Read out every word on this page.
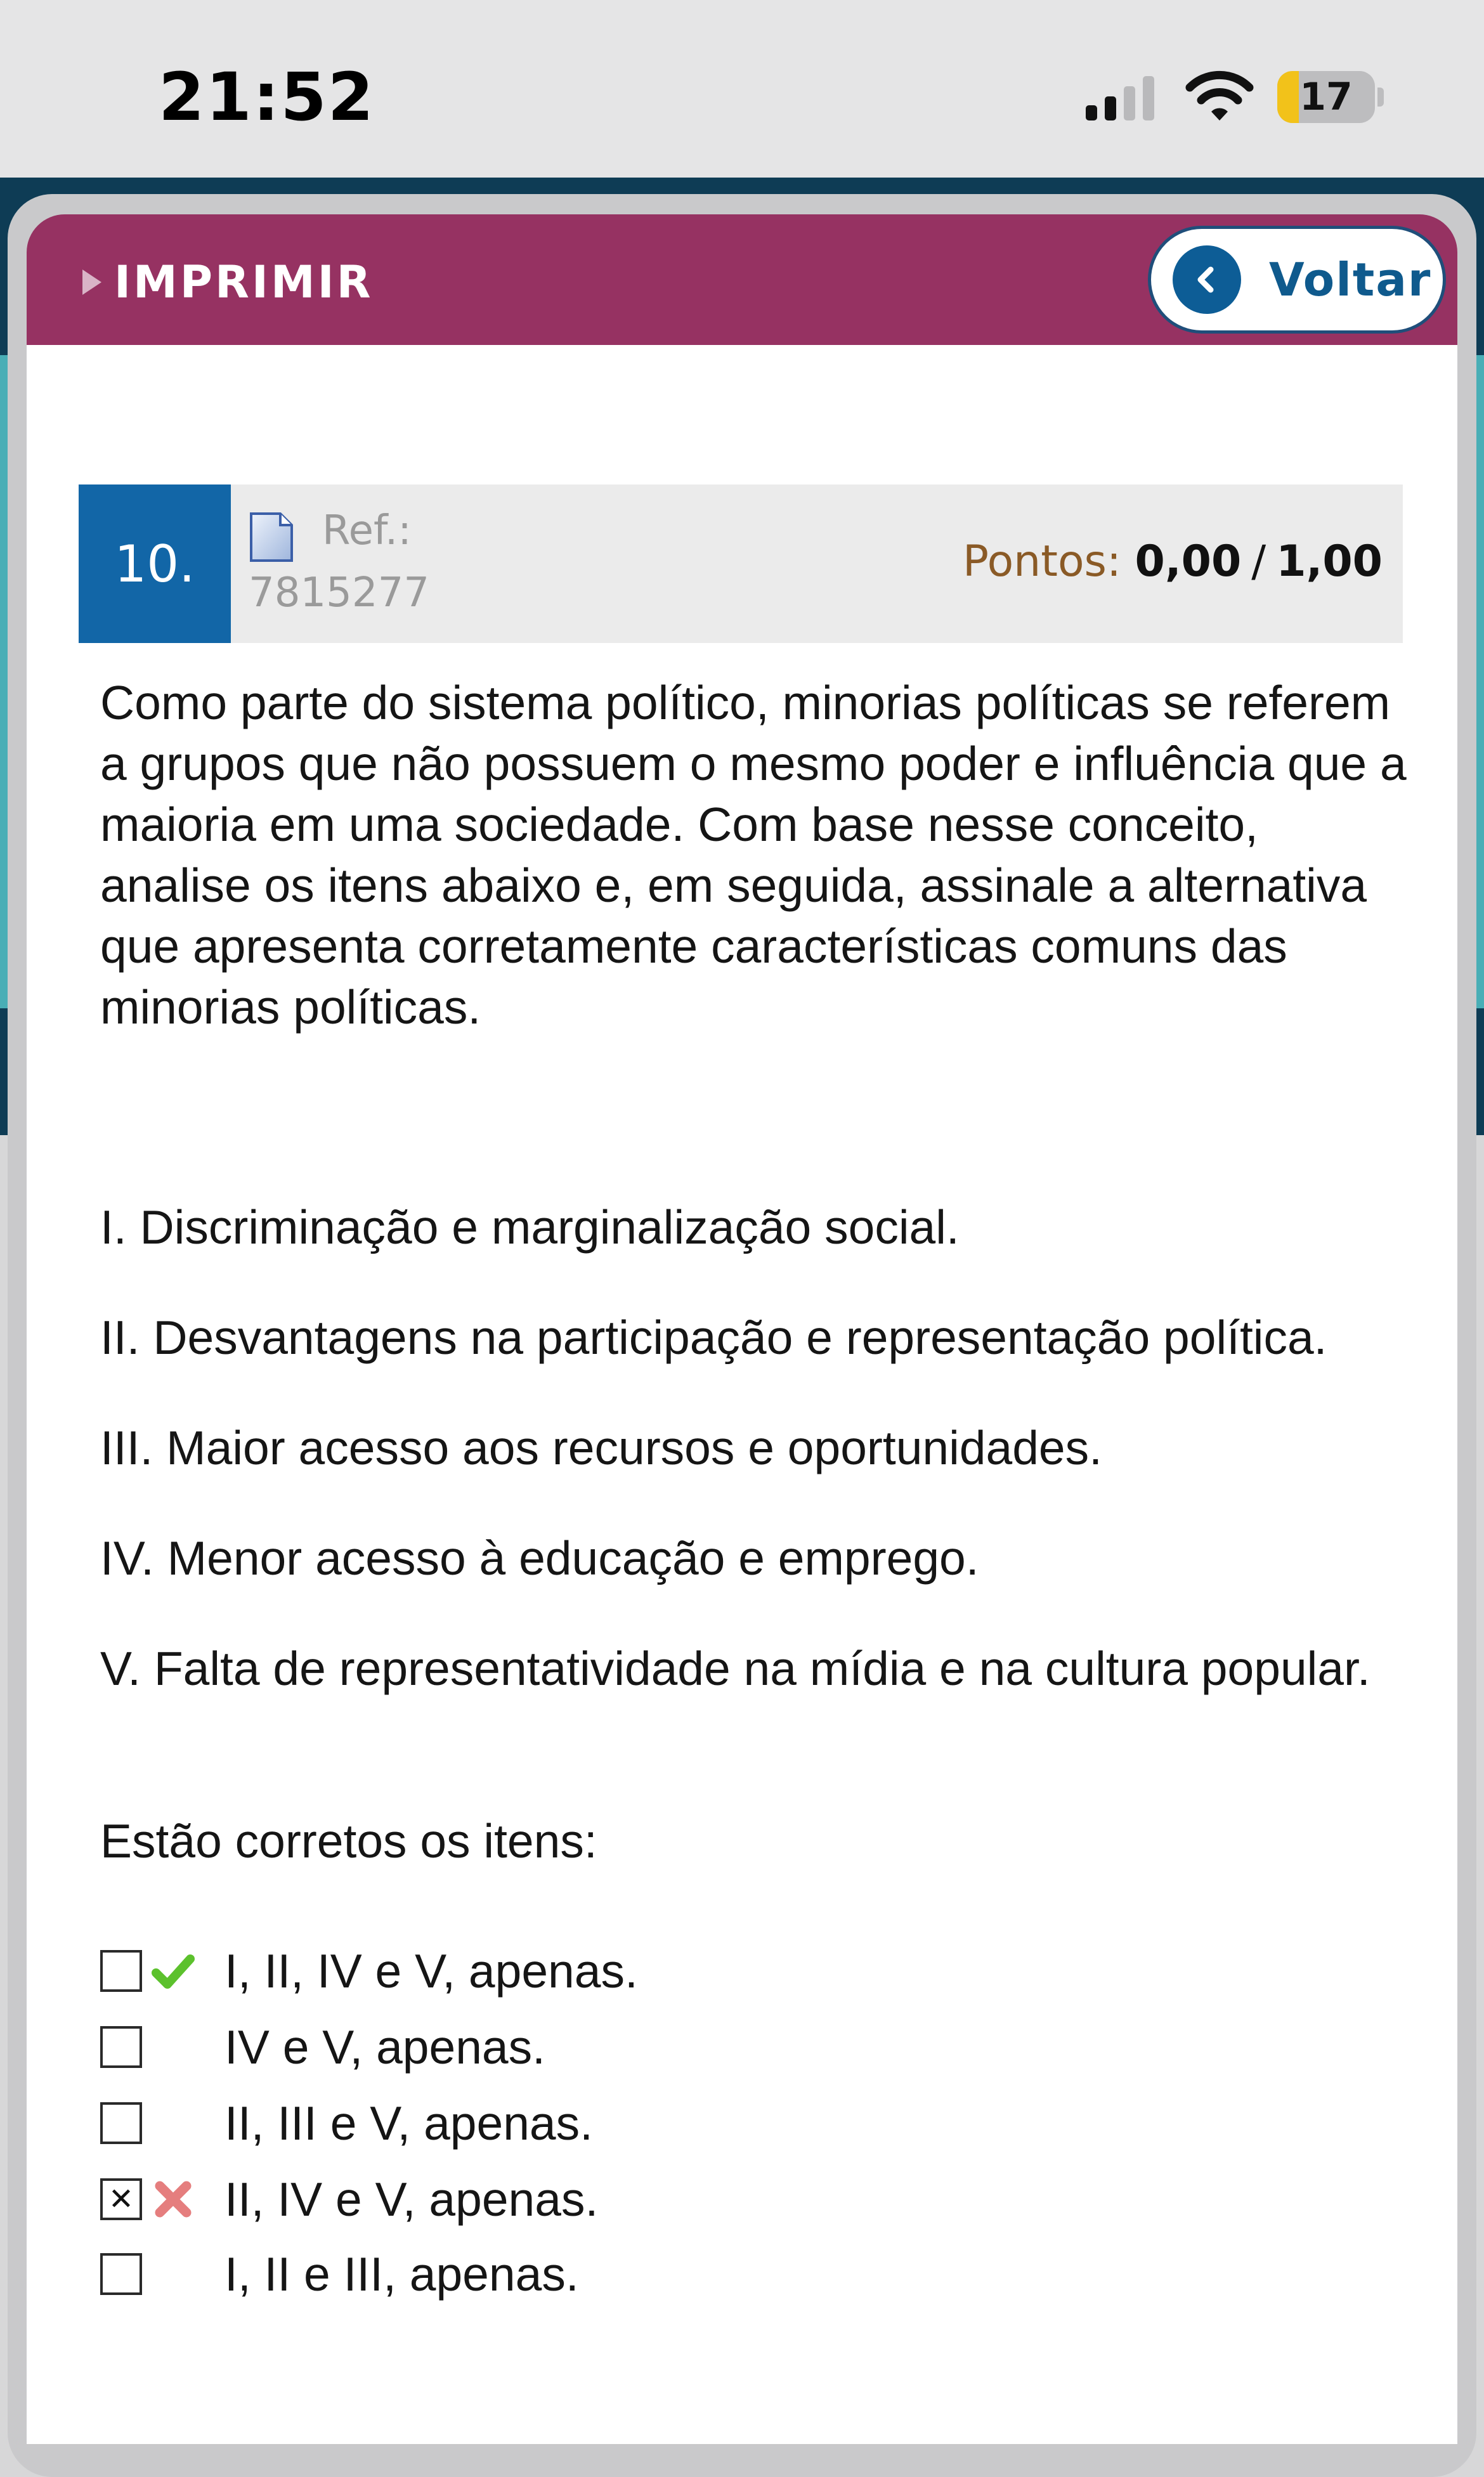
21:52	17
IMPRIMIR	Voltar
10.
Ref.:
7815277
Pontos: 0,00 / 1,00
Como parte do sistema político, minorias políticas se referem a grupos que não possuem o mesmo poder e influência que a maioria em uma sociedade. Com base nesse conceito, analise os itens abaixo e, em seguida, assinale a alternativa que apresenta corretamente características comuns das minorias políticas.
I. Discriminação e marginalização social.
II. Desvantagens na participação e representação política.
III. Maior acesso aos recursos e oportunidades.
IV. Menor acesso à educação e emprego.
V. Falta de representatividade na mídia e na cultura popular.
Estão corretos os itens:
I, II, IV e V, apenas.
IV e V, apenas.
II, III e V, apenas.
✕
II, IV e V, apenas.
I, II e III, apenas.
